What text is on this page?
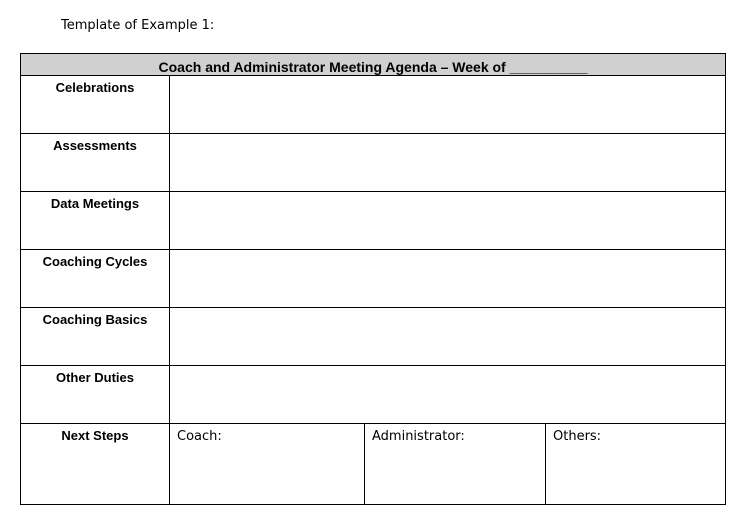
Template of Example 1:
Coach and Administrator Meeting Agenda – Week of __________
Celebrations
Assessments
Data Meetings
Coaching Cycles
Coaching Basics
Other Duties
Next Steps	Coach:	Administrator:	Others:
